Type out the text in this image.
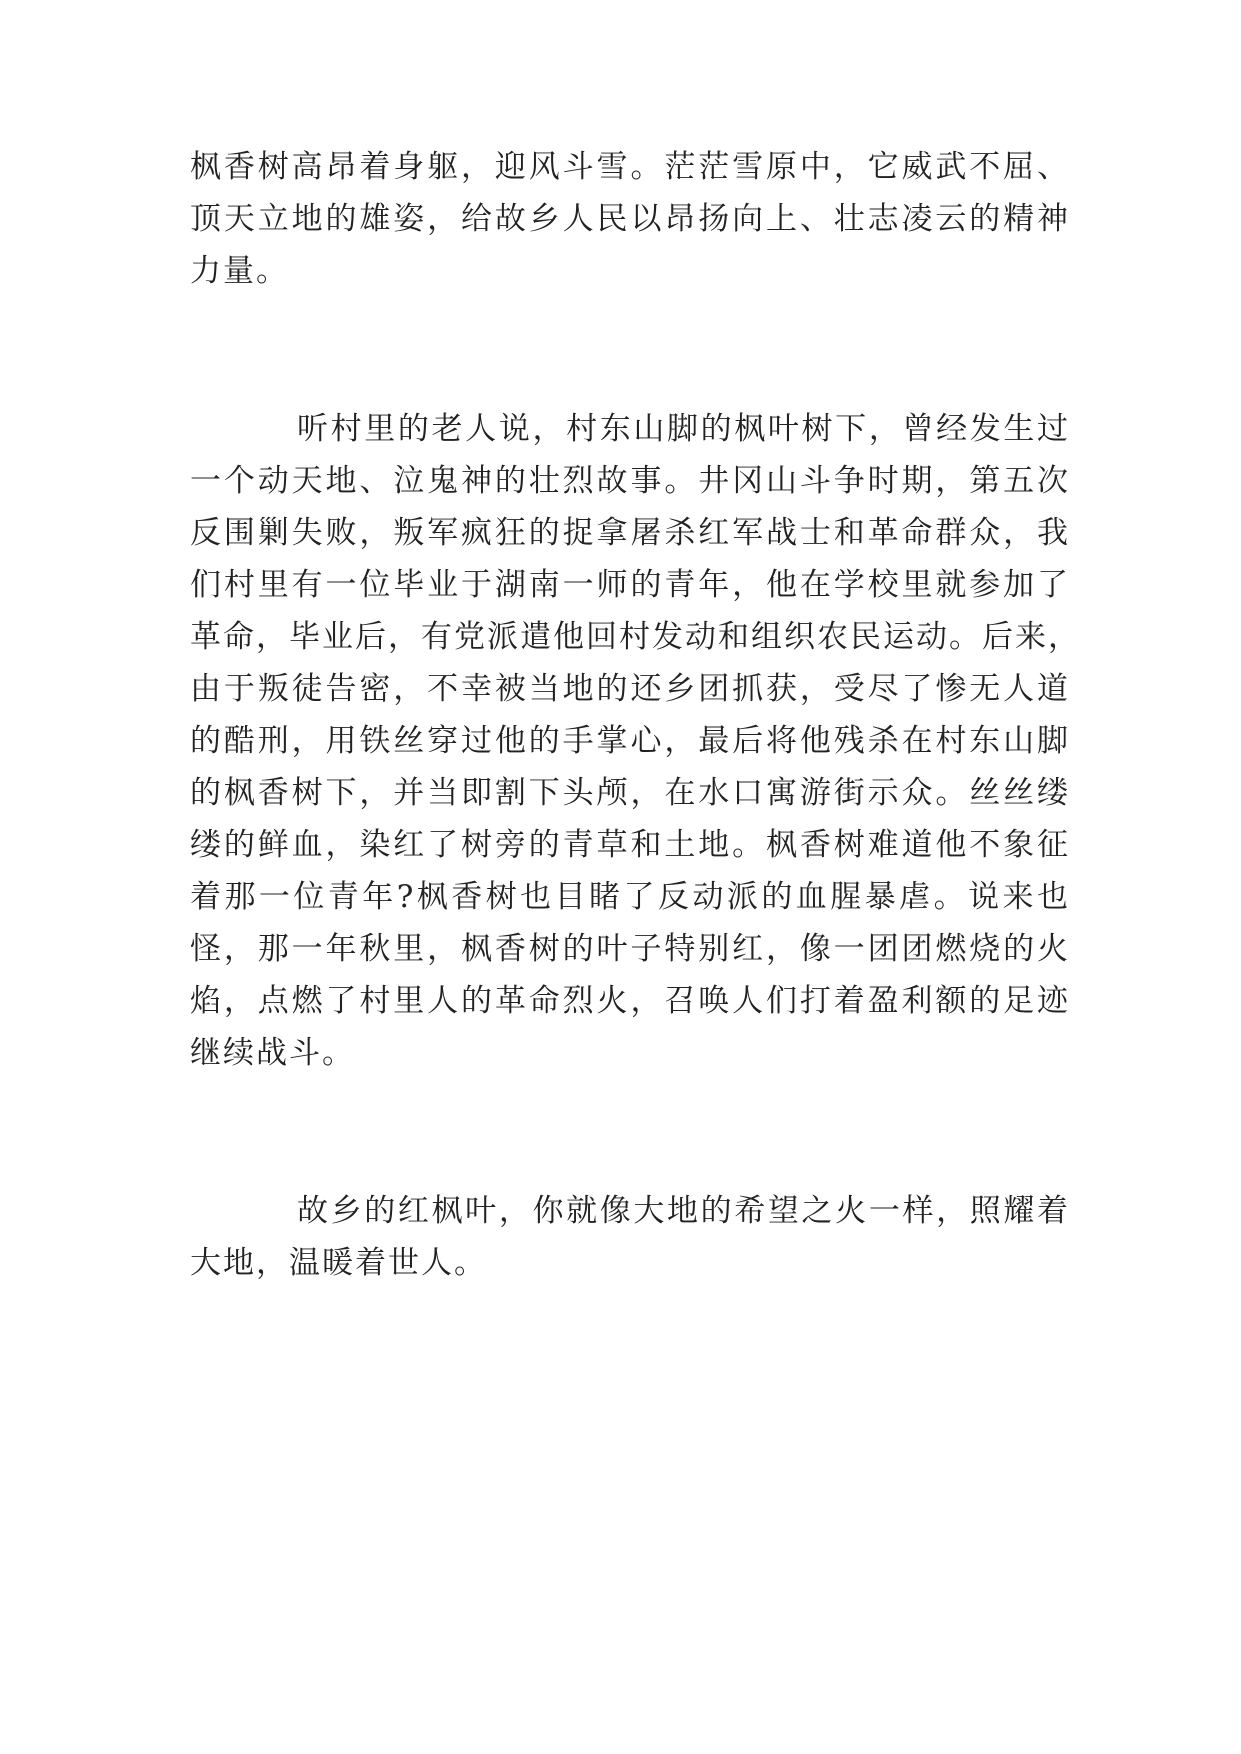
枫香树高昂着身躯，迎风斗雪。茫茫雪原中，它威武不屈、

顶天立地的雄姿，给故乡人民以昂扬向上、壮志凌云的精神

力量。

听村里的老人说，村东山脚的枫叶树下，曾经发生过

一个动天地、泣鬼神的壮烈故事。井冈山斗争时期，第五次

反围剿失败，叛军疯狂的捉拿屠杀红军战士和革命群众，我

们村里有一位毕业于湖南一师的青年，他在学校里就参加了

革命，毕业后，有党派遣他回村发动和组织农民运动。后来，

由于叛徒告密，不幸被当地的还乡团抓获，受尽了惨无人道

的酷刑，用铁丝穿过他的手掌心，最后将他残杀在村东山脚

的枫香树下，并当即割下头颅，在水口寓游街示众。丝丝缕

缕的鲜血，染红了树旁的青草和土地。枫香树难道他不象征

着那一位青年?枫香树也目睹了反动派的血腥暴虐。说来也

怪，那一年秋里，枫香树的叶子特别红，像一团团燃烧的火

焰，点燃了村里人的革命烈火，召唤人们打着盈利额的足迹

继续战斗。

故乡的红枫叶，你就像大地的希望之火一样，照耀着

大地，温暖着世人。
